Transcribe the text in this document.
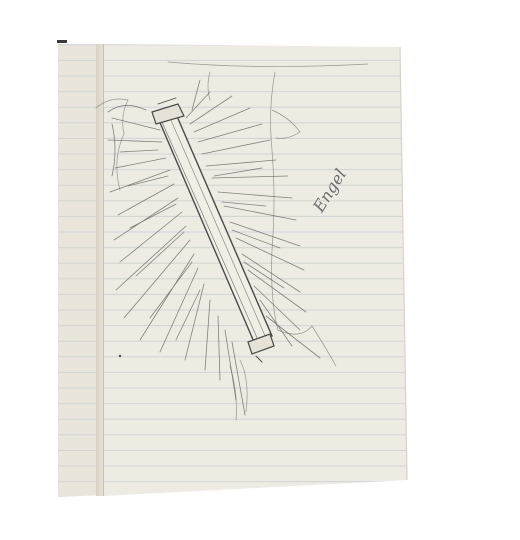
Engel
